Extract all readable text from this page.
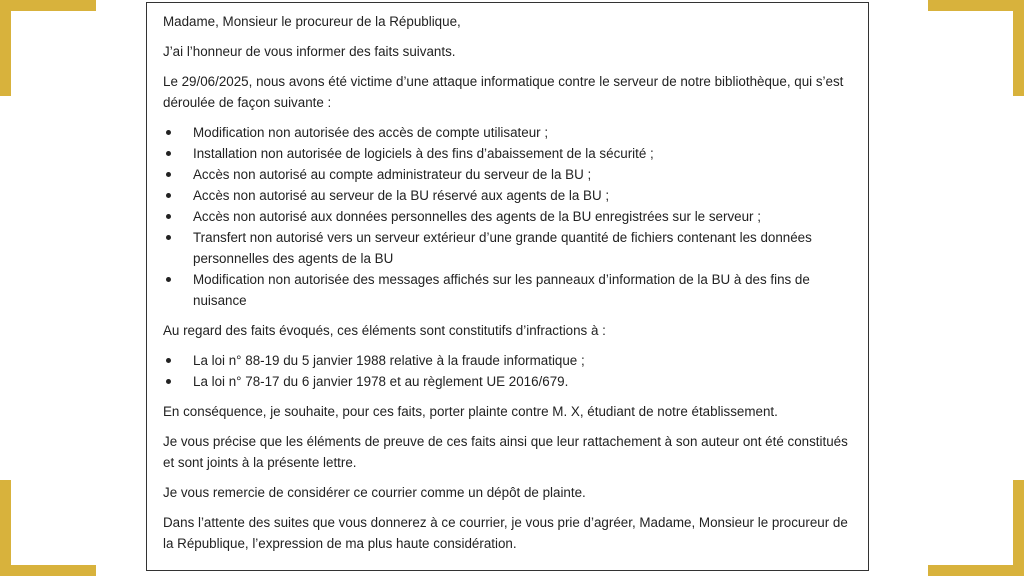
Madame, Monsieur le procureur de la République,

J’ai l’honneur de vous informer des faits suivants.

Le 29/06/2025, nous avons été victime d’une attaque informatique contre le serveur de notre bibliothèque, qui s’est déroulée de façon suivante :

Modification non autorisée des accès de compte utilisateur ;
Installation non autorisée de logiciels à des fins d’abaissement de la sécurité ;
Accès non autorisé au compte administrateur du serveur de la BU ;
Accès non autorisé au serveur de la BU réservé aux agents de la BU ;
Accès non autorisé aux données personnelles des agents de la BU enregistrées sur le serveur ;
Transfert non autorisé vers un serveur extérieur d’une grande quantité de fichiers contenant les données personnelles des agents de la BU
Modification non autorisée des messages affichés sur les panneaux d’information de la BU à des fins de nuisance

Au regard des faits évoqués, ces éléments sont constitutifs d’infractions à :

La loi n° 88-19 du 5 janvier 1988 relative à la fraude informatique ;
La loi n° 78-17 du 6 janvier 1978 et au règlement UE 2016/679.

En conséquence, je souhaite, pour ces faits, porter plainte contre M. X, étudiant de notre établissement.

Je vous précise que les éléments de preuve de ces faits ainsi que leur rattachement à son auteur ont été constitués et sont joints à la présente lettre.

Je vous remercie de considérer ce courrier comme un dépôt de plainte.

Dans l’attente des suites que vous donnerez à ce courrier, je vous prie d’agréer, Madame, Monsieur le procureur de la République, l’expression de ma plus haute considération.
